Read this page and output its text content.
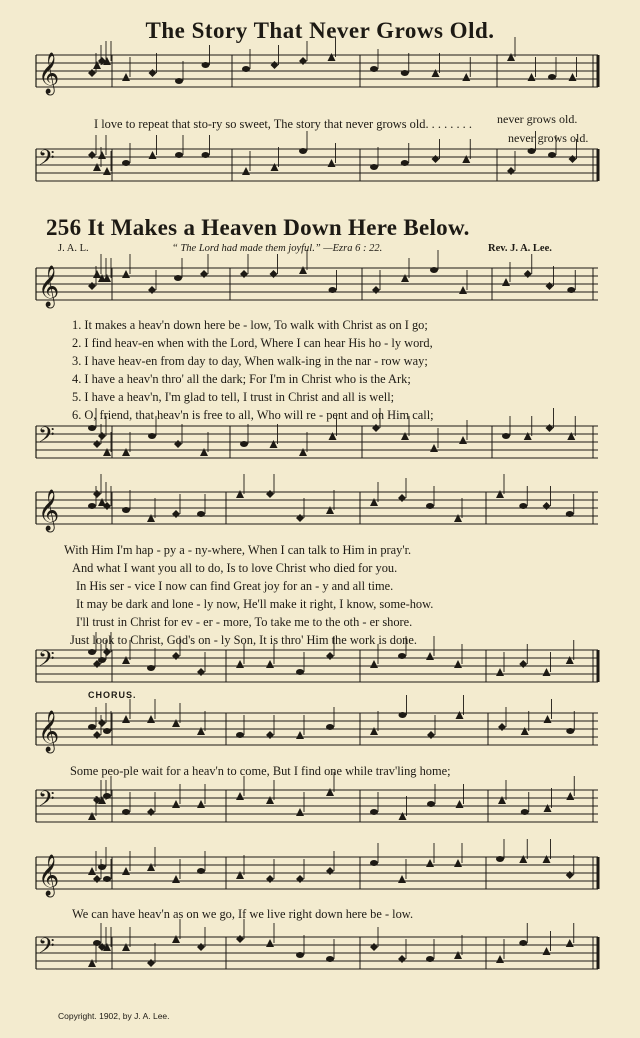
The Story That Never Grows Old.
I love to repeat that sto-ry so sweet, The story that never grows old. . . . . . . . never grows old.
never grows old.
256 It Makes a Heaven Down Here Below.
J. A. L.	“ The Lord had made them joyful.” —Ezra 6 : 22.	Rev. J. A. Lee.
1. It makes a heav'n down here be - low, To walk with Christ as on I go;
2. I find heav-en when with the Lord, Where I can hear His ho - ly word,
3. I have heav-en from day to day, When walk-ing in the nar - row way;
4. I have a heav'n thro' all the dark; For I'm in Christ who is the Ark;
5. I have a heav'n, I'm glad to tell, I trust in Christ and all is well;
6. O, friend, that heav'n is free to all, Who will re - pent and on Him call;
With Him I'm hap - py a - ny-where, When I can talk to Him in pray'r.
And what I want you all to do, Is to love Christ who died for you.
In His ser - vice I now can find Great joy for an - y and all time.
It may be dark and lone - ly now, He'll make it right, I know, some-how.
I'll trust in Christ for ev - er - more, To take me to the oth - er shore.
Just look to Christ, God's on - ly Son, It is thro' Him the work is done.
CHORUS.
Some peo-ple wait for a heav'n to come, But I find one while trav'ling home;
We can have heav'n as on we go, If we live right down here be - low.
Copyright. 1902, by J. A. Lee.
𝄞
𝄢
𝄞
𝄢
𝄞
𝄢
𝄞
𝄢
𝄞
𝄢
